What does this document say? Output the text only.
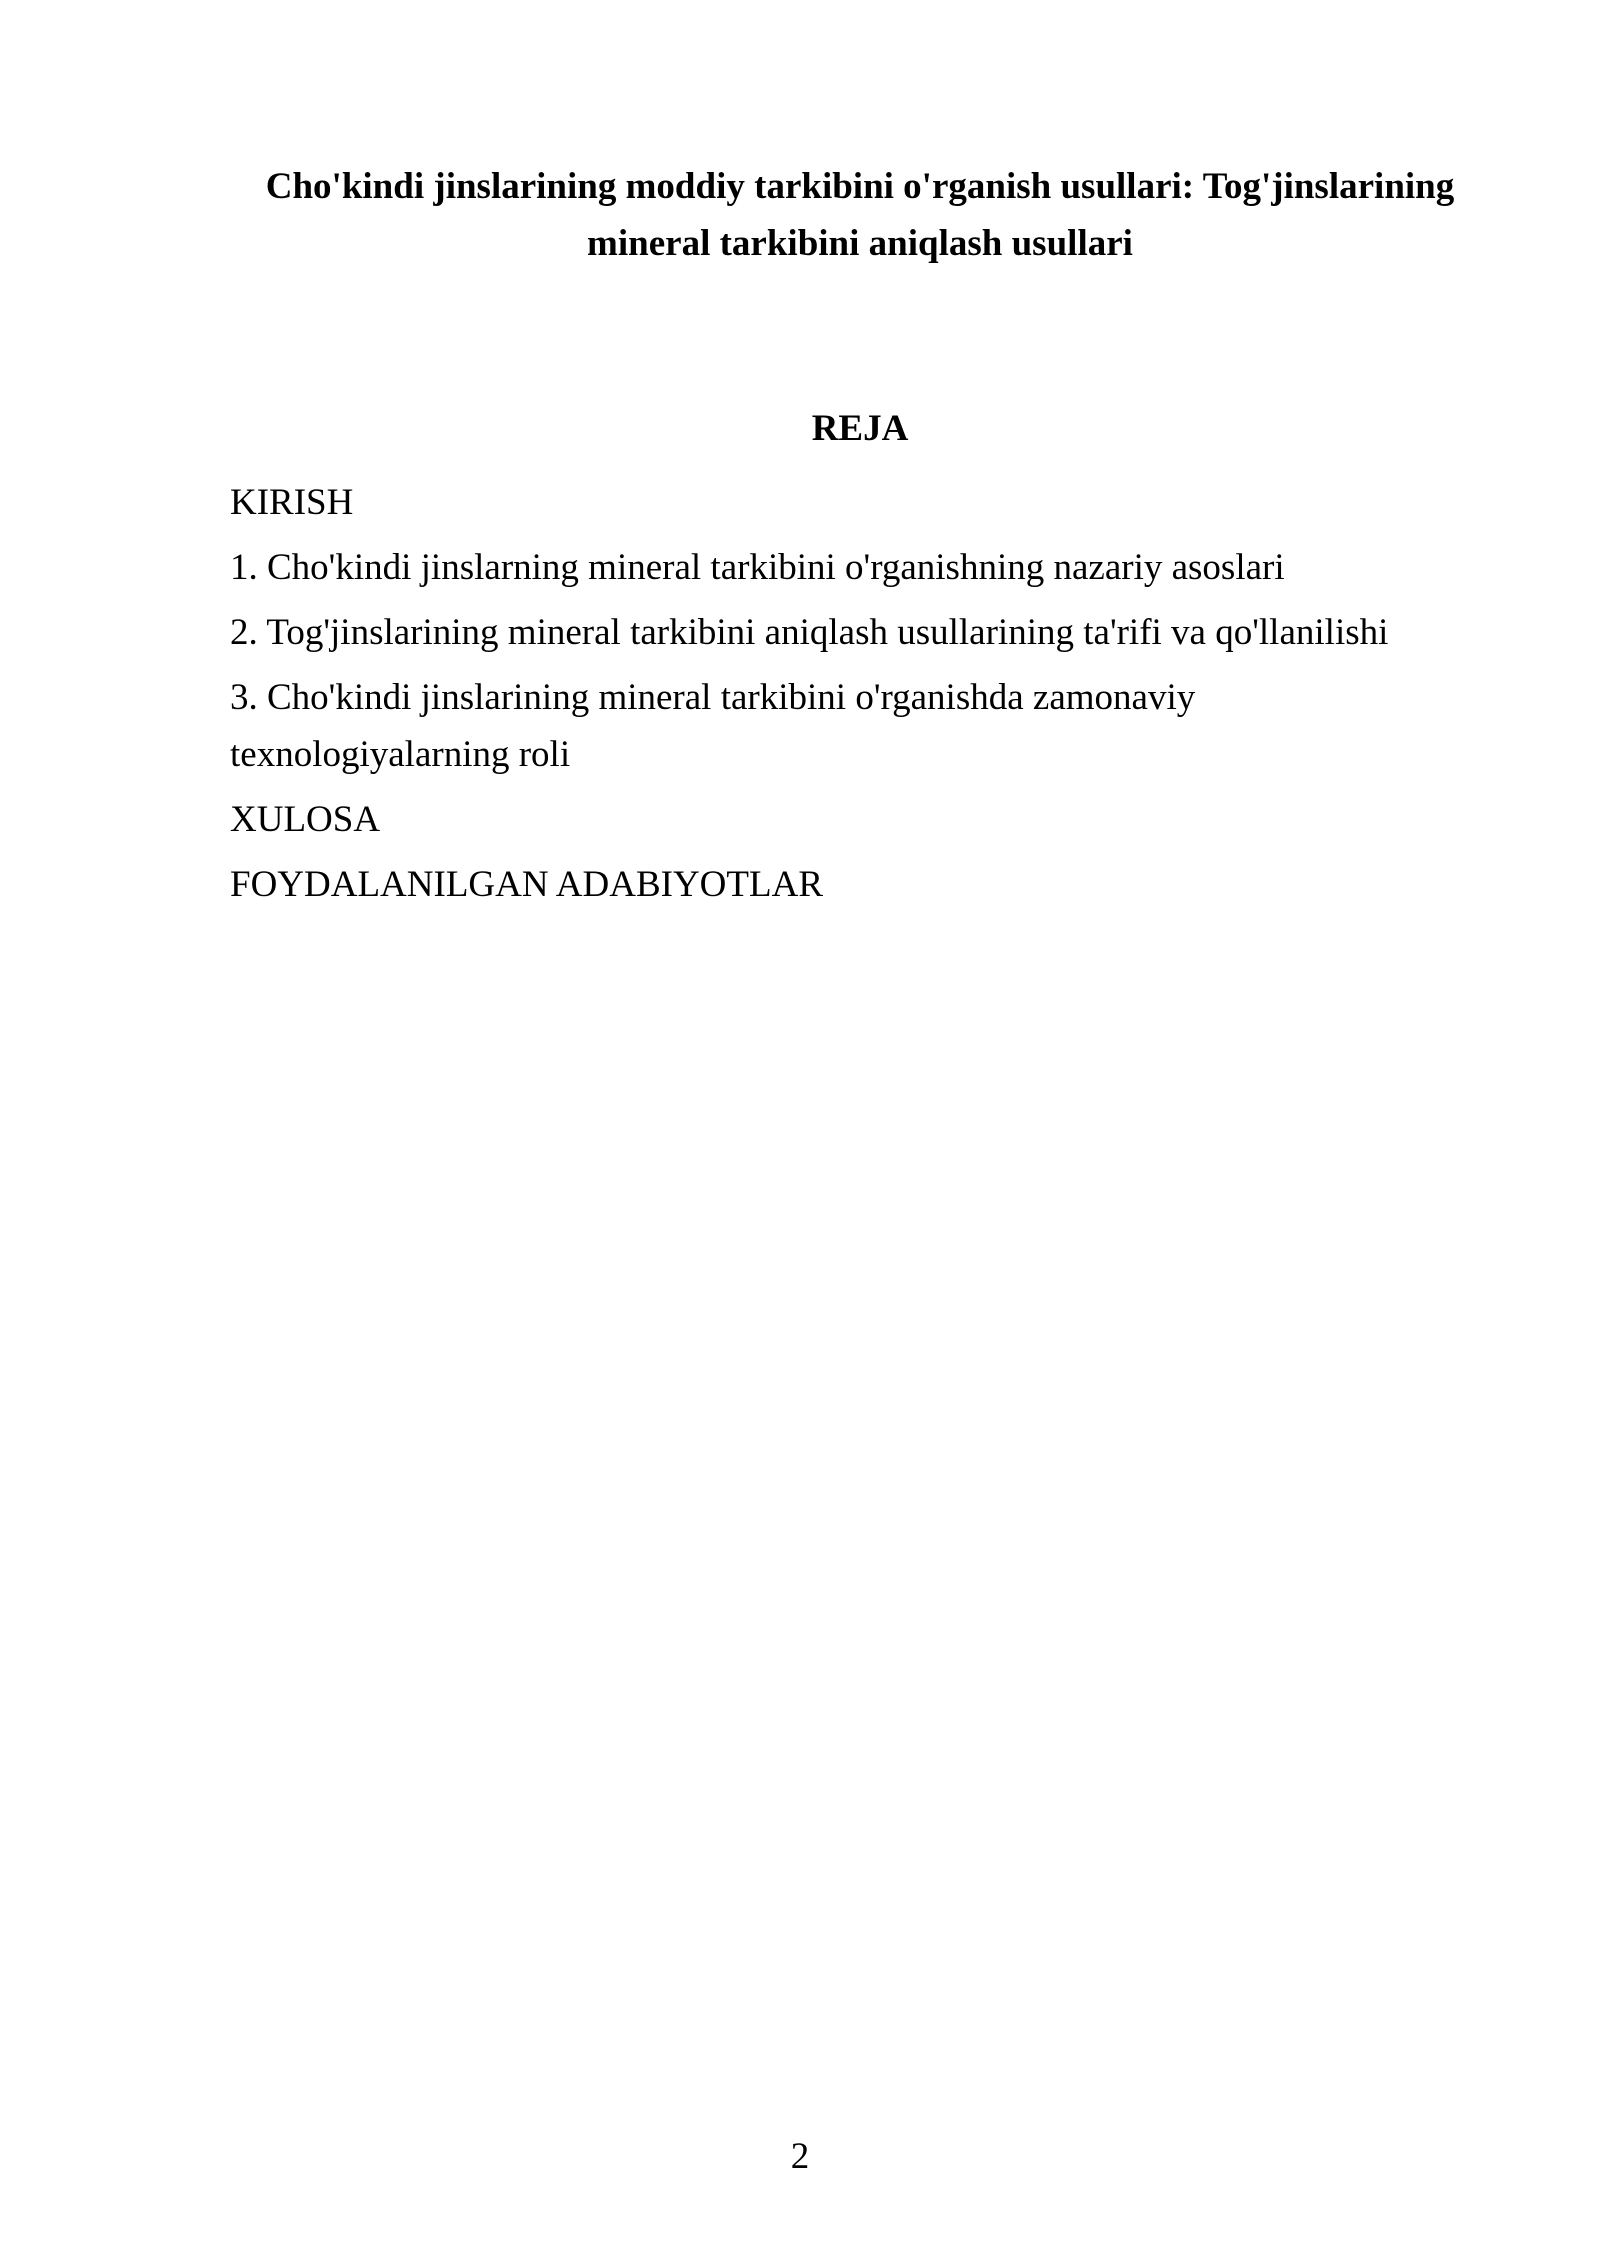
Cho'kindi jinslarining moddiy tarkibini o'rganish usullari: Tog'jinslarining mineral tarkibini aniqlash usullari
REJA
KIRISH
1. Cho'kindi jinslarning mineral tarkibini o'rganishning nazariy asoslari
2. Tog'jinslarining mineral tarkibini aniqlash usullarining ta'rifi va qo'llanilishi
3. Cho'kindi jinslarining mineral tarkibini o'rganishda zamonaviy texnologiyalarning roli
XULOSA
FOYDALANILGAN ADABIYOTLAR
2
